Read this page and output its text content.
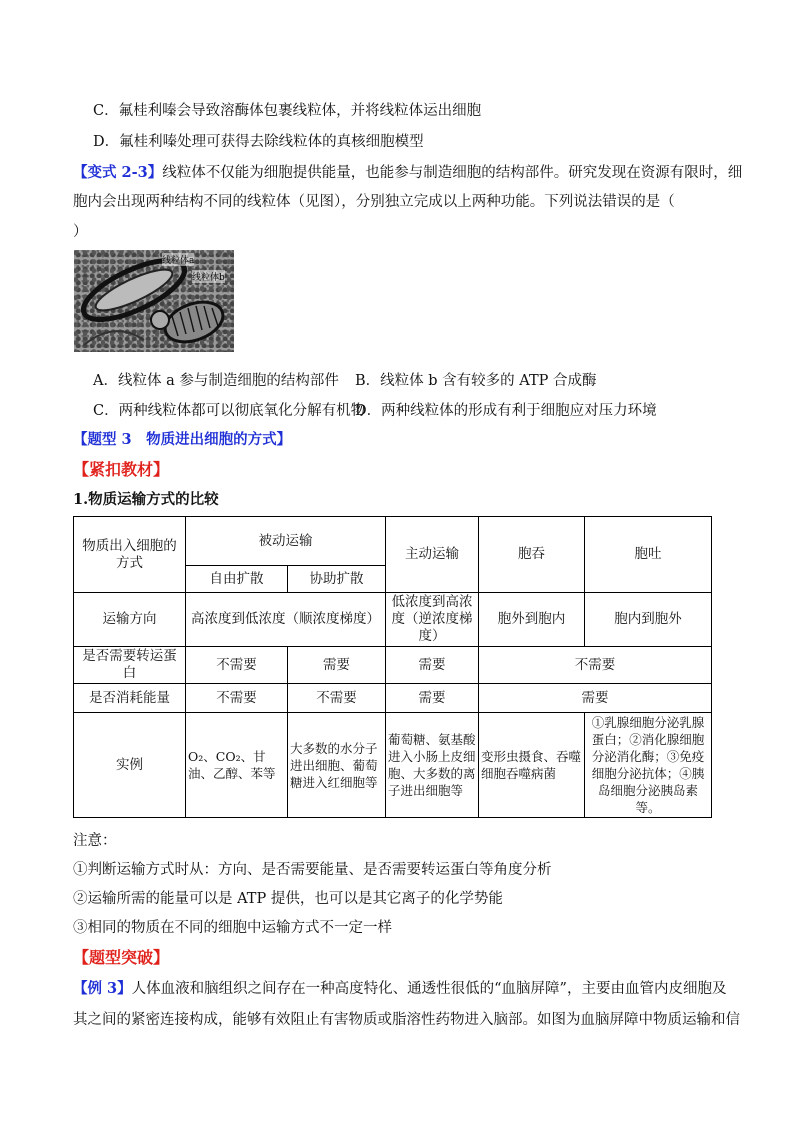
C．氟桂利嗪会导致溶酶体包裹线粒体，并将线粒体运出细胞
D．氟桂利嗪处理可获得去除线粒体的真核细胞模型
【变式 2-3】线粒体不仅能为细胞提供能量，也能参与制造细胞的结构部件。研究发现在资源有限时，细
胞内会出现两种结构不同的线粒体（见图），分别独立完成以上两种功能。下列说法错误的是（
）
线粒体a
线粒体b
A．线粒体 a 参与制造细胞的结构部件 B．线粒体 b 含有较多的 ATP 合成酶
C．两种线粒体都可以彻底氧化分解有机物
D．两种线粒体的形成有利于细胞应对压力环境
【题型 3　物质进出细胞的方式】
【紧扣教材】
1.物质运输方式的比较
物质出入细胞的方式	被动运输		主动运输	胞吞	胞吐
	自由扩散	协助扩散			
运输方向	高浓度到低浓度（顺浓度梯度）		低浓度到高浓度（逆浓度梯度）	胞外到胞内	胞内到胞外
是否需要转运蛋白	不需要	需要	需要	不需要	
是否消耗能量	不需要	不需要	需要	需要	
实例	O₂、CO₂、甘油、乙醇、苯等	大多数的水分子进出细胞、葡萄糖进入红细胞等	葡萄糖、氨基酸进入小肠上皮细胞、大多数的离子进出细胞等	变形虫摄食、吞噬细胞吞噬病菌	①乳腺细胞分泌乳腺蛋白；②消化腺细胞分泌消化酶；③免疫细胞分泌抗体；④胰岛细胞分泌胰岛素等。
注意：
①判断运输方式时从：方向、是否需要能量、是否需要转运蛋白等角度分析
②运输所需的能量可以是 ATP 提供，也可以是其它离子的化学势能
③相同的物质在不同的细胞中运输方式不一定一样
【题型突破】
【例 3】人体血液和脑组织之间存在一种高度特化、通透性很低的“血脑屏障”，主要由血管内皮细胞及
其之间的紧密连接构成，能够有效阻止有害物质或脂溶性药物进入脑部。如图为血脑屏障中物质运输和信
